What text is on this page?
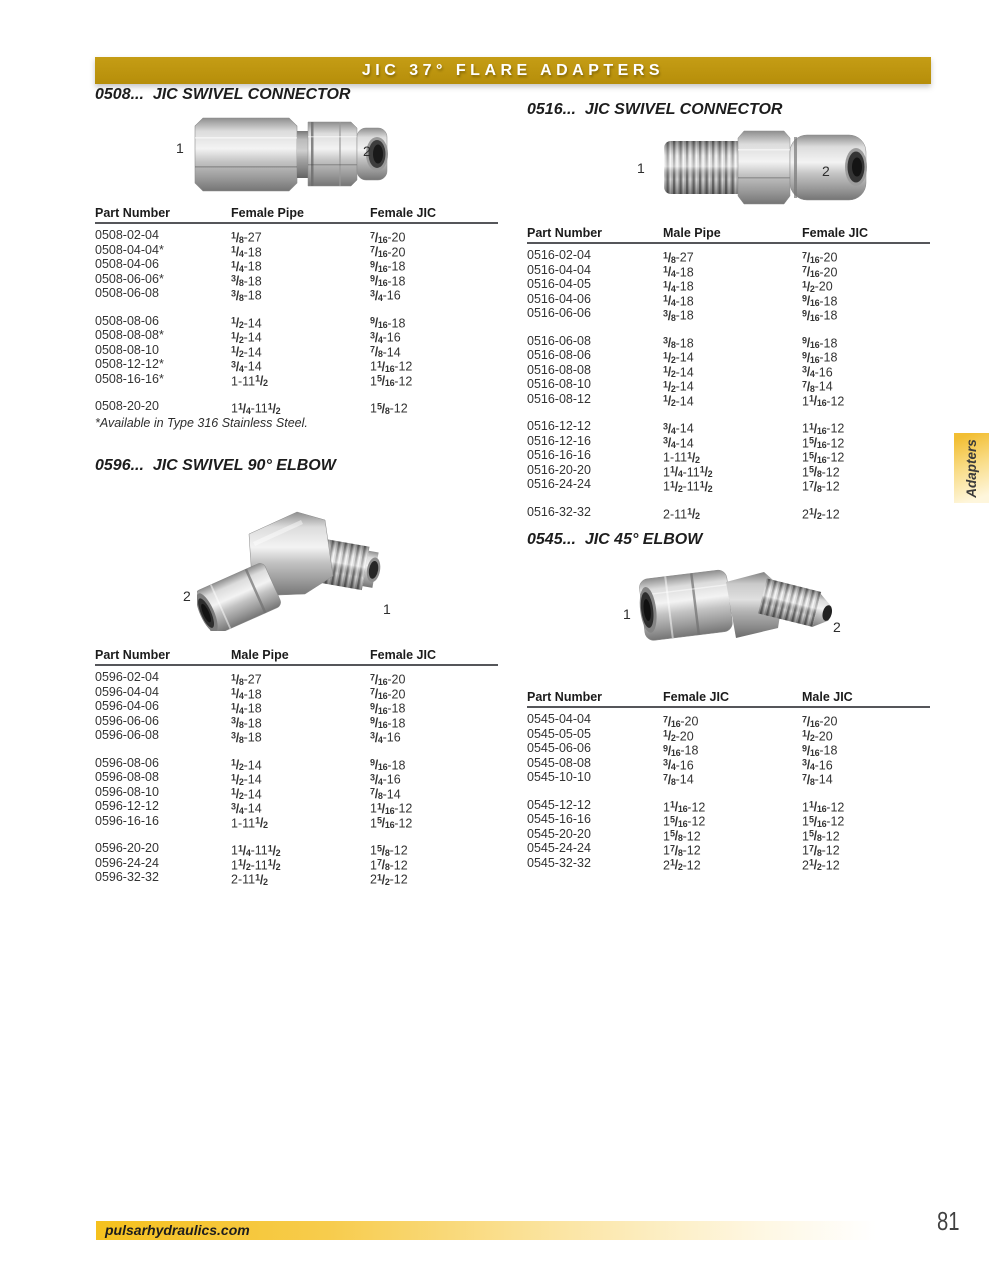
JIC 37° FLARE ADAPTERS
0508...  JIC SWIVEL CONNECTOR
0516...  JIC SWIVEL CONNECTOR
0596...  JIC SWIVEL 90° ELBOW
0545...  JIC 45° ELBOW
1	2
1	2
2
1	1
2
Part Number	Female Pipe	Female JIC
0508-02-04	$^1/_8-27$	$^7/_{16}-20$
0508-04-04*	$^1/_4-18$	$^7/_{16}-20$
0508-04-06	$^1/_4-18$	$^9/_{16}-18$
0508-06-06*	$^3/_8-18$	$^9/_{16}-18$
0508-06-08	$^3/_8-18$	$^3/_4-16$
0508-08-06	$^1/_2-14$	$^9/_{16}-18$
0508-08-08*	$^1/_2-14$	$^3/_4-16$
0508-08-10	$^1/_2-14$	$^7/_8-14$
0508-12-12*	$^3/_4-14$	$1^1/_{16}-12$
0508-16-16*	$1-11^1/_2$	$1^5/_{16}-12$
0508-20-20	$1^1/_4-11^1/_2$	$1^5/_8-12$
*Available in Type 316 Stainless Steel.
Part Number	Male Pipe	Female JIC
0516-02-04	$^1/_8-27$	$^7/_{16}-20$
0516-04-04	$^1/_4-18$	$^7/_{16}-20$
0516-04-05	$^1/_4-18$	$^1/_2-20$
0516-04-06	$^1/_4-18$	$^9/_{16}-18$
0516-06-06	$^3/_8-18$	$^9/_{16}-18$
0516-06-08	$^3/_8-18$	$^9/_{16}-18$
0516-08-06	$^1/_2-14$	$^9/_{16}-18$
0516-08-08	$^1/_2-14$	$^3/_4-16$
0516-08-10	$^1/_2-14$	$^7/_8-14$
0516-08-12	$^1/_2-14$	$1^1/_{16}-12$
0516-12-12	$^3/_4-14$	$1^1/_{16}-12$
0516-12-16	$^3/_4-14$	$1^5/_{16}-12$
0516-16-16	$1-11^1/_2$	$1^5/_{16}-12$
0516-20-20	$1^1/_4-11^1/_2$	$1^5/_8-12$
0516-24-24	$1^1/_2-11^1/_2$	$1^7/_8-12$
0516-32-32	$2-11^1/_2$	$2^1/_2-12$
Part Number	Male Pipe	Female JIC
0596-02-04	$^1/_8-27$	$^7/_{16}-20$
0596-04-04	$^1/_4-18$	$^7/_{16}-20$
0596-04-06	$^1/_4-18$	$^9/_{16}-18$
0596-06-06	$^3/_8-18$	$^9/_{16}-18$
0596-06-08	$^3/_8-18$	$^3/_4-16$
0596-08-06	$^1/_2-14$	$^9/_{16}-18$
0596-08-08	$^1/_2-14$	$^3/_4-16$
0596-08-10	$^1/_2-14$	$^7/_8-14$
0596-12-12	$^3/_4-14$	$1^1/_{16}-12$
0596-16-16	$1-11^1/_2$	$1^5/_{16}-12$
0596-20-20	$1^1/_4-11^1/_2$	$1^5/_8-12$
0596-24-24	$1^1/_2-11^1/_2$	$1^7/_8-12$
0596-32-32	$2-11^1/_2$	$2^1/_2-12$
Part Number	Female JIC	Male JIC
0545-04-04	$^7/_{16}-20$	$^7/_{16}-20$
0545-05-05	$^1/_2-20$	$^1/_2-20$
0545-06-06	$^9/_{16}-18$	$^9/_{16}-18$
0545-08-08	$^3/_4-16$	$^3/_4-16$
0545-10-10	$^7/_8-14$	$^7/_8-14$
0545-12-12	$1^1/_{16}-12$	$1^1/_{16}-12$
0545-16-16	$1^5/_{16}-12$	$1^5/_{16}-12$
0545-20-20	$1^5/_8-12$	$1^5/_8-12$
0545-24-24	$1^7/_8-12$	$1^7/_8-12$
0545-32-32	$2^1/_2-12$	$2^1/_2-12$
Adapters
pulsarhydraulics.com	81
